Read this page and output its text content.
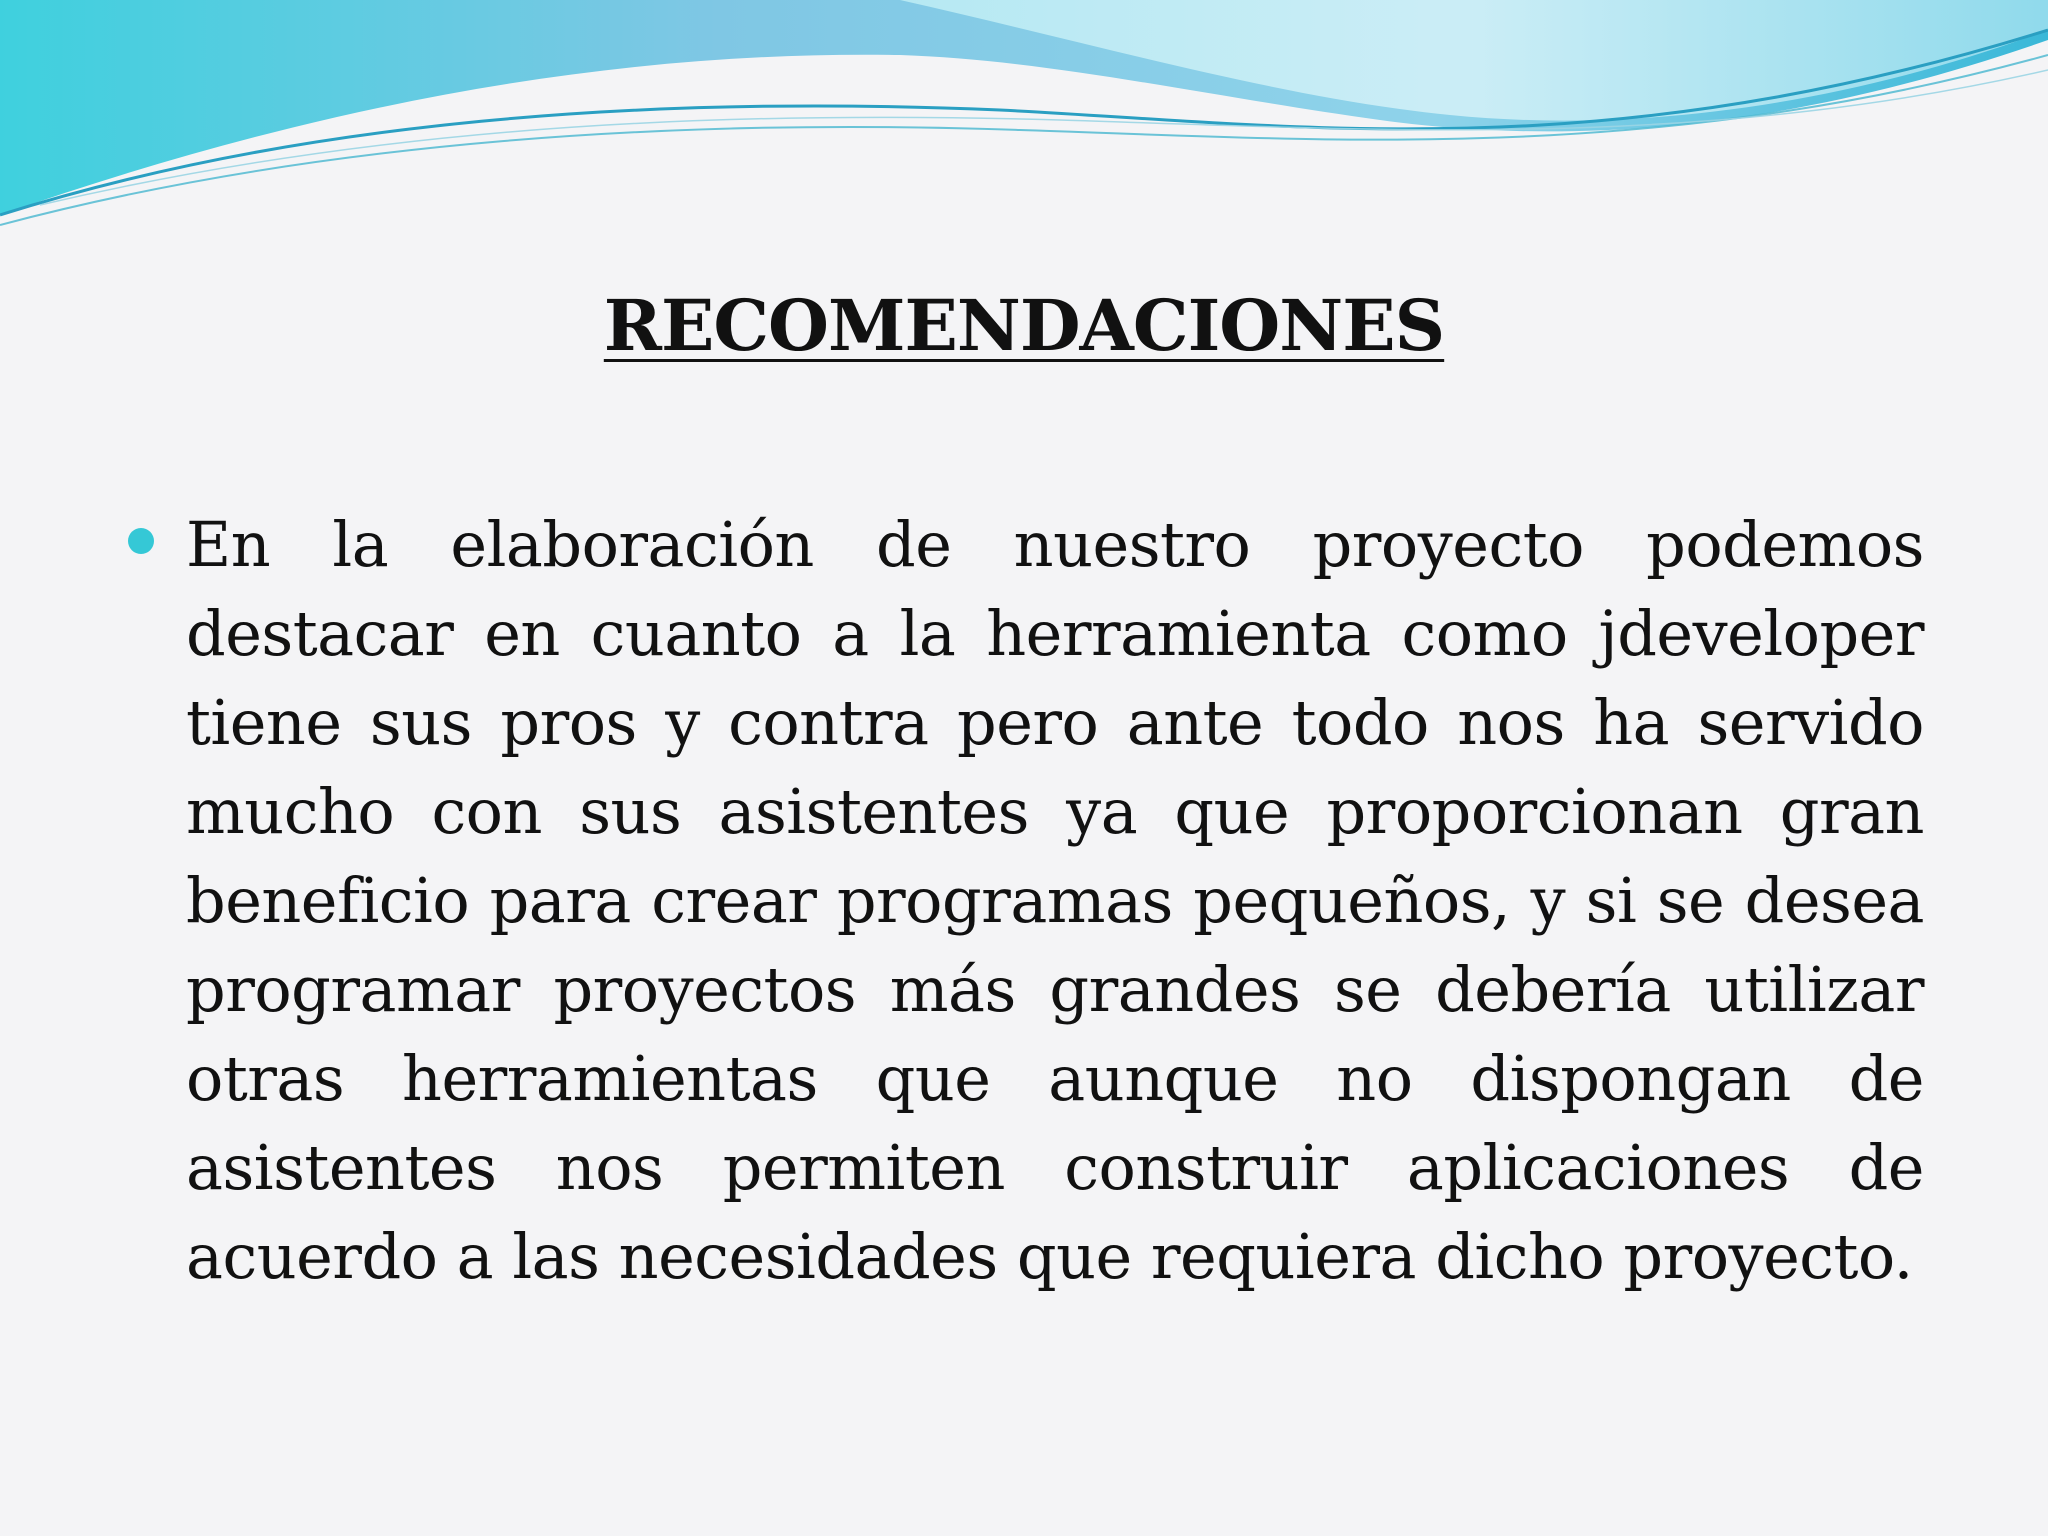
RECOMENDACIONES
En la elaboración de nuestro proyecto podemos destacar en cuanto a la herramienta como jdeveloper tiene sus pros y contra pero ante todo nos ha servido mucho con sus asistentes ya que proporcionan gran beneficio para crear programas pequeños, y si se desea programar proyectos más grandes se debería utilizar otras herramientas que aunque no dispongan de asistentes nos permiten construir aplicaciones de acuerdo a las necesidades que requiera dicho proyecto.
